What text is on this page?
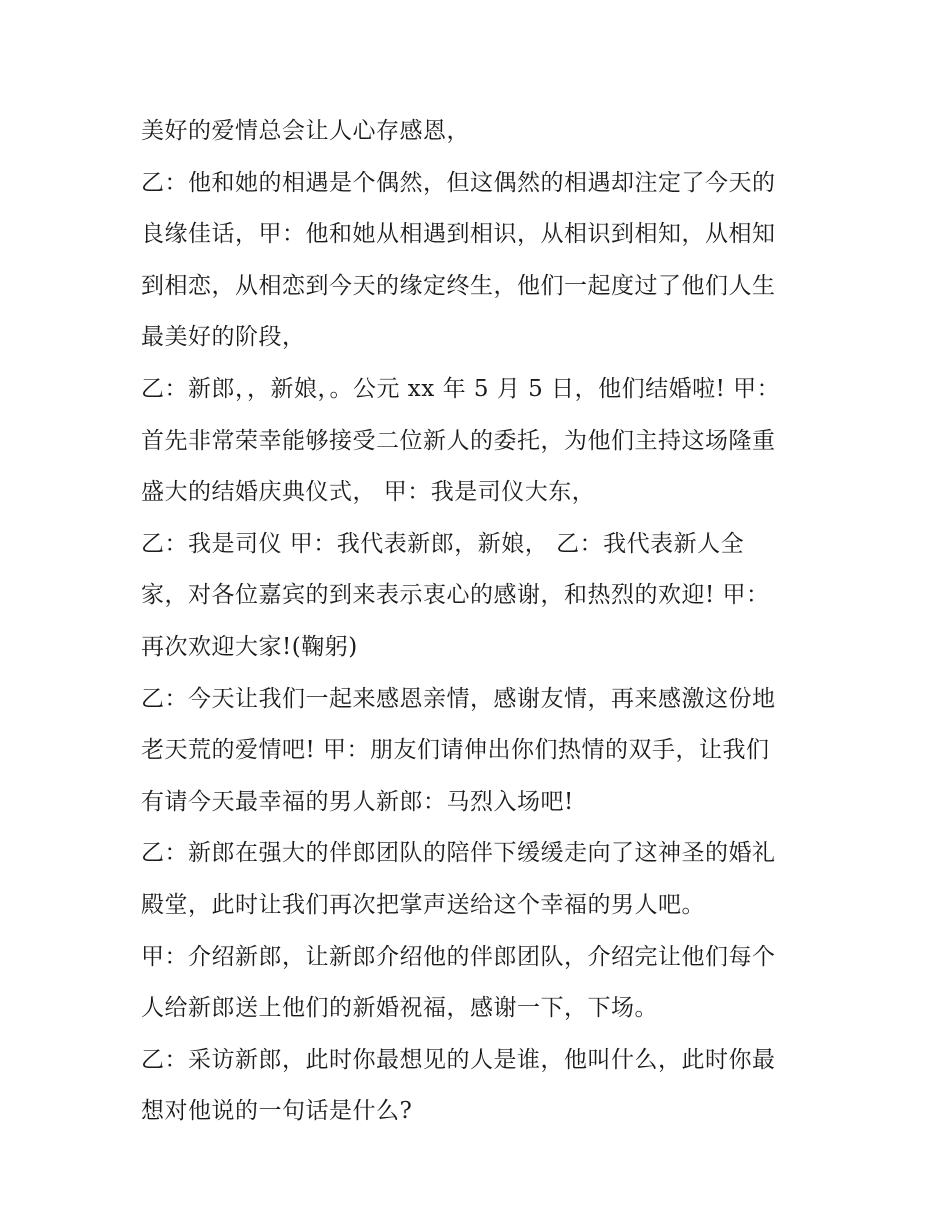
美好的爱情总会让人心存感恩，
乙：他和她的相遇是个偶然，但这偶然的相遇却注定了今天的
良缘佳话，甲：他和她从相遇到相识，从相识到相知，从相知
到相恋，从相恋到今天的缘定终生，他们一起度过了他们人生
最美好的阶段，
乙：新郎，，新娘，。公元 xx 年 5 月 5 日，他们结婚啦! 甲：
首先非常荣幸能够接受二位新人的委托，为他们主持这场隆重
盛大的结婚庆典仪式， 甲：我是司仪大东，
乙：我是司仪 甲：我代表新郎，新娘， 乙：我代表新人全
家，对各位嘉宾的到来表示衷心的感谢，和热烈的欢迎! 甲：
再次欢迎大家!(鞠躬)
乙：今天让我们一起来感恩亲情，感谢友情，再来感激这份地
老天荒的爱情吧! 甲：朋友们请伸出你们热情的双手，让我们
有请今天最幸福的男人新郎：马烈入场吧!
乙：新郎在强大的伴郎团队的陪伴下缓缓走向了这神圣的婚礼
殿堂，此时让我们再次把掌声送给这个幸福的男人吧。
甲：介绍新郎，让新郎介绍他的伴郎团队，介绍完让他们每个
人给新郎送上他们的新婚祝福，感谢一下，下场。
乙：采访新郎，此时你最想见的人是谁，他叫什么，此时你最
想对他说的一句话是什么?
